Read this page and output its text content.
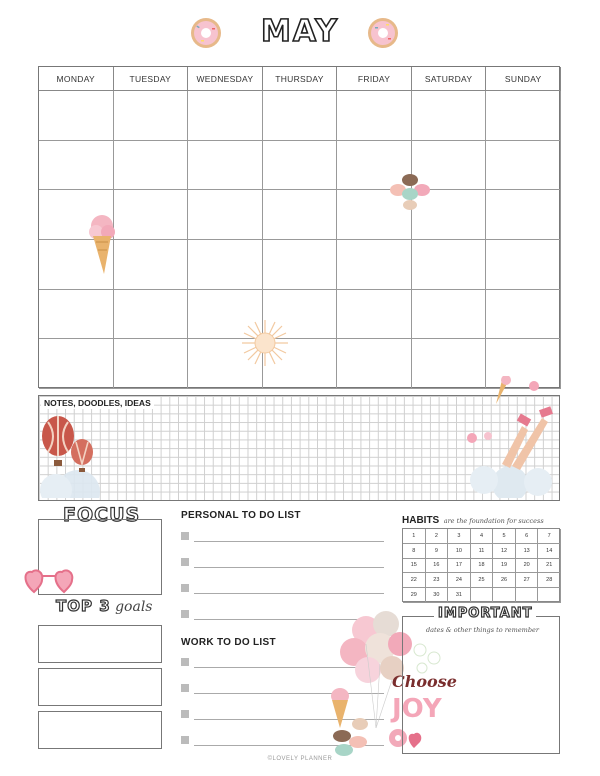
MAY
MONDAY	TUESDAY	WEDNESDAY	THURSDAY	FRIDAY	SATURDAY	SUNDAY
NOTES, DOODLES, IDEAS
FOCUS
TOP 3 goals
PERSONAL TO DO LIST
WORK TO DO LIST
Choose
JOY
HABITS are the foundation for success
1	2	3	4	5	6	7
8	9	10	11	12	13	14
15	16	17	18	19	20	21
22	23	24	25	26	27	28
29	30	31
IMPORTANT
dates & other things to remember
©LOVELY PLANNER
